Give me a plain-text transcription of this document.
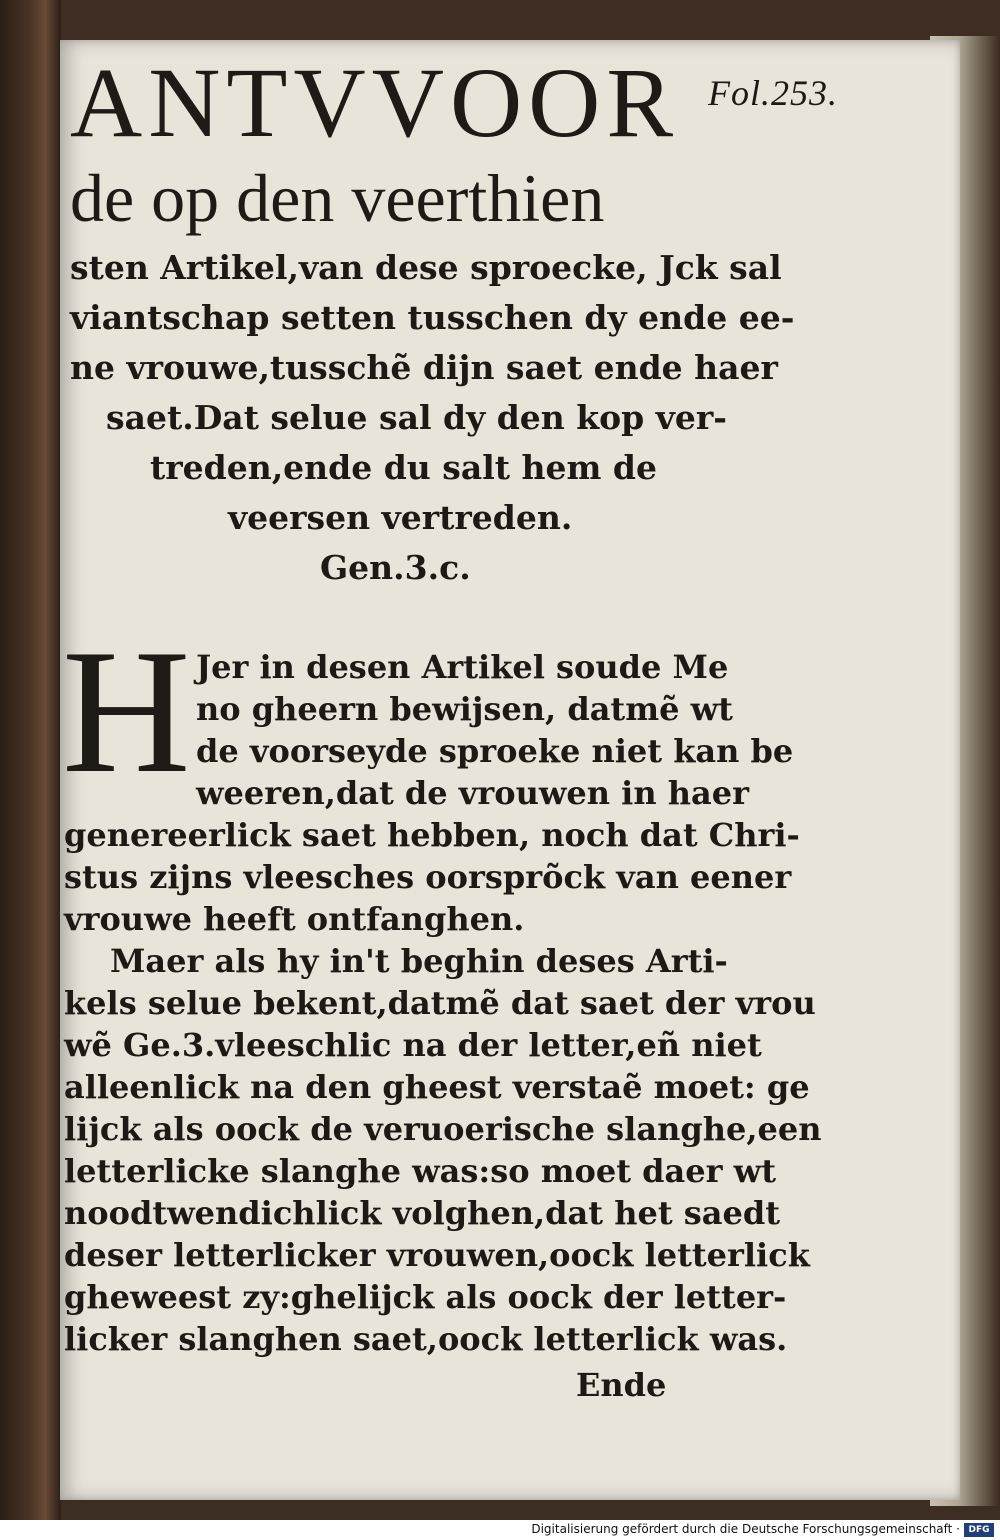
ANTVVOOR Fol.253.
de op den veerthien
sten Artikel,van dese sproecke, Jck sal
viantschap setten tusschen dy ende ee-
ne vrouwe,tusschẽ dijn saet ende haer
saet.Dat selue sal dy den kop ver-
treden,ende du salt hem de
veersen vertreden.
Gen.3.c.
H Jer in desen Artikel soude Me
no gheern bewijsen, datmẽ wt
de voorseyde sproeke niet kan be
weeren,dat de vrouwen in haer
genereerlick saet hebben, noch dat Chri-
stus zijns vleesches oorsprõck van eener
vrouwe heeft ontfanghen.
Maer als hy in't beghin deses Arti-
kels selue bekent,datmẽ dat saet der vrou
wẽ Ge.3.vleeschlic na der letter,eñ niet
alleenlick na den gheest verstaẽ moet: ge
lijck als oock de veruoerische slanghe,een
letterlicke slanghe was:so moet daer wt
noodtwendichlick volghen,dat het saedt
deser letterlicker vrouwen,oock letterlick
gheweest zy:ghelijck als oock der letter-
licker slanghen saet,oock letterlick was.
Ende
Digitalisierung gefördert durch die Deutsche Forschungsgemeinschaft · DFG
